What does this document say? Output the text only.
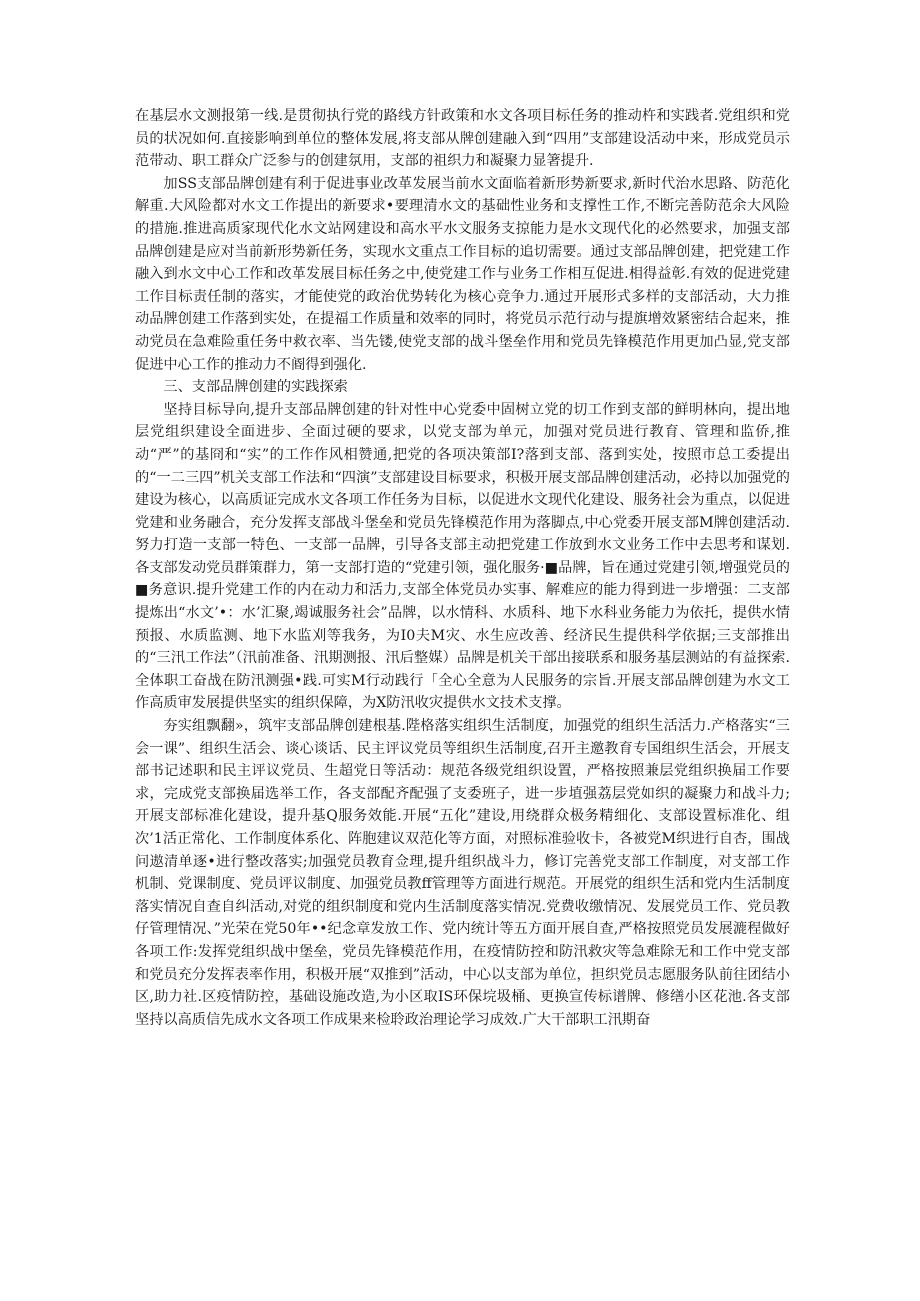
在基层水文测报第一线.是贯彻执行党的路线方针政策和水文各项目标任务的推动杵和实践者.党组织和党员的状况如何.直接影响到单位的整体发展,将支部从牌创建融入到“四用”支部建设活动中来，形成党员示范带动、职工群众广泛参与的创建氛用，支部的祖织力和凝聚力显箸提升.

加SS支部品牌创建有利于促进事业改革发展当前水文面临着新形势新要求,新时代治水思路、防范化解重.大风险都对水文工作提出的新要求•要理清水文的基础性业务和支撑性工作,不断完善防范余大风险的措施.推进高质家现代化水文站网建设和高水平水文服务支掠能力是水文现代化的必然要求，加强支部品牌创建是应对当前新形势新任务，实现水文重点工作目标的追切需要。通过支部品牌创建，把党建工作融入到水文中心工作和改革发展目标任务之中,使党建工作与业务工作相互促进.相得益彰.有效的促进党建工作目标责任制的落实，才能使党的政治优势转化为核心竞争力.通过开展形式多样的支部活动，大力推动品牌创建工作落到实处，在提福工作质量和效率的同时，将党员示范行动与提旗增效紧密结合起来，推动党员在急难险重任务中救衣率、当先镂,使党支部的战斗堡垒作用和党员先锋模范作用更加凸显,党支部促进中心工作的推动力不阍得到强化.

三、支部品牌创建的实践探索

坚持目标导向,提升支部品牌创建的针对性中心党委中固树立党的切工作到支部的鲜明林向，提出地层党组织建设全面进步、全面过硬的要求，以党支部为单元，加强对党员进行教育、管理和监侨,推动“严”的基冏和“实”的工作作风相赞通,把党的各项决策部I?落到支部、落到实处，按照市总工委提出的“一二三四”机关支部工作法和“四演”支部建设目标要求，积极开展支部品牌创建活动，必持以加强党的建设为核心，以高质证完成水文各项工作任务为目标，以促进水文现代化建设、服务社会为重点，以促进党建和业务融合，充分发挥支部战斗堡垒和党员先锋模范作用为落脚点,中心党委开展支部M牌创建活动.努力打造一支部一特色、一支部一品牌，引导各支部主动把党建工作放到水文业务工作中去思考和谋划.各支部发动党员群策群力，第一支部打造的“党建引领，强化服务·■品牌，旨在通过党建引领,增强党员的■务意识.提升党建工作的内在动力和活力,支部全体党员办实事、解难应的能力得到进一步增强：二支部提炼出“水文’•：水’汇聚,竭诚服务社会”品牌，以水情科、水质科、地下水科业务能力为依托，提供水情预报、水质监测、地下水监刈等我务，为I0夫M灾、水生应改善、经济民生提供科学依据;三支部推出的“三汛工作法”（汛前准备、汛期测报、汛后整媒）品牌是机关干部出接联系和服务基层测站的有益探索.全体职工奋战在防汛测强•践.可实M行动践行「全心全意为人民服务的宗旨.开展支部品牌创建为水文工作高质审发展提供坚实的组织保障，为X防汛收灾提供水文技术支撑。

夯实组飘翻»，筑牢支部品牌创建根基.陛格落实组织生活制度，加强党的组织生活活力.产格落实“三会一课”、组织生活会、谈心谈话、民主评议党员等组织生活制度,召开主邀教育专国组织生活会，开展支部书记述职和民主评议党员、生超党日等活动：规范各级党组织设置，严格按照兼层党组织换届工作要求，完成党支部换届选举工作，各支部配齐配强了支委班子，进一步埴强荔层党如织的凝聚力和战斗力;开展支部标准化建设，提升基Q服务效能.开展“五化”建设,用绕群众极务精细化、支部设置标准化、组次’1活正常化、工作制度体系化、阵胞建议双范化等方面，对照标准验收卡，各被党M织进行自杏，围战问遨清单逐•进行整改落实;加强党员教育佥理,提升组织战斗力，修订完善党支部工作制度，对支部工作机制、党课制度、党员评议制度、加强党员教ff管理等方面进行规范。开展党的组织生活和党内生活制度落实情况自查自纠活动,对党的组织制度和党内生活制度落实情况.党费收缴情况、发展党员工作、党员教仔管理情况、”光荣在党50年••纪念章发放工作、党内统计等五方面开展自查,严格按照党员发展漉程做好各项工作:发挥党组织战中堡垒，党员先锋模范作用，在疫情防控和防汛救灾等急难除无和工作中党支部和党员充分发挥表率作用，积极开展“双推到”活动，中心以支部为单位，担织党员志愿服务队前往团结小区,助力社.区疫情防控，基础设施改造,为小区取IS环保垸圾桶、更换宣传标谱牌、修缮小区花池.各支部坚持以高质信先成水文各项工作成果来检聆政治理论学习成效.广大干部职工汛期奋
